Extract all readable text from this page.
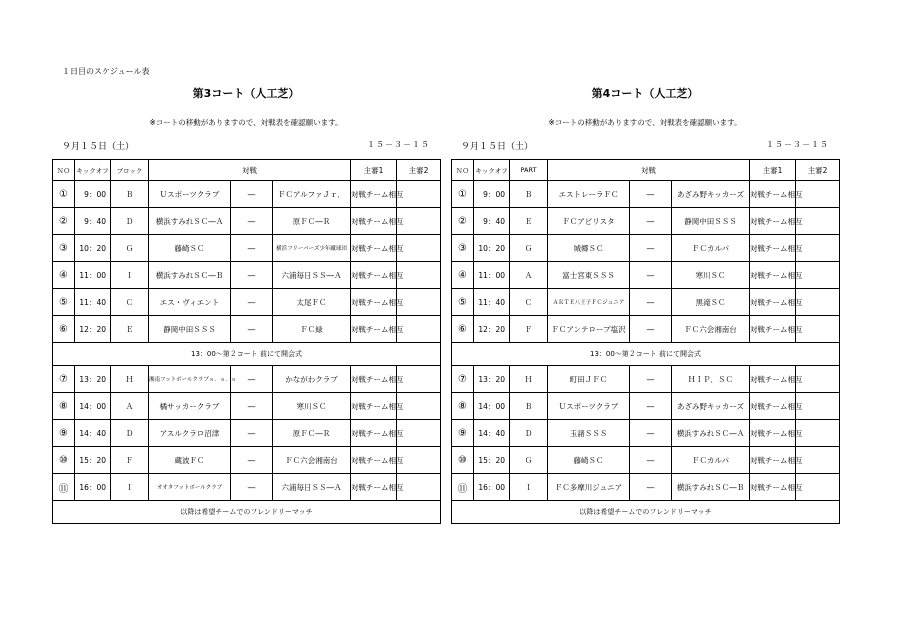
１日目のスケジュール表
第3コート（人工芝）
※コートの移動がありますので、対戦表を確認願います。
９月１５日（土）	１５－３－１５
ＮＯ	キックオフ	ブロック	対戦			主審1	主審2
①	9：00	Ｂ	Ｕスポーツクラブ	―	ＦＣアルファＪｒ．	対戦チーム相互	
②	9：40	Ｄ	横浜すみれＳＣ―Ａ	―	原ＦＣ―Ｒ	対戦チーム相互	
③	10：20	Ｇ	藤崎ＳＣ	―	横浜フリーバーズ少年蹴球団	対戦チーム相互	
④	11：00	Ｉ	横浜すみれＳＣ―Ｂ	―	六浦毎日ＳＳ―Ａ	対戦チーム相互	
⑤	11：40	Ｃ	エス・ヴィエント	―	太尾ＦＣ	対戦チーム相互	
⑥	12：20	Ｅ	静岡中田ＳＳＳ	―	ＦＣ緑	対戦チーム相互	
13：00～第２コート 前にて開会式							
⑦	13：20	Ｈ	湘南フットボールクラブｓ．ｓ．ｓ	―	かながわクラブ	対戦チーム相互	
⑧	14：00	Ａ	橘サッカークラブ	―	寒川ＳＣ	対戦チーム相互	
⑨	14：40	Ｄ	アスルクラロ沼津	―	原ＦＣ―Ｒ	対戦チーム相互	
⑩	15：20	Ｆ	蔵波ＦＣ	―	ＦＣ六会湘南台	対戦チーム相互	
⑪	16：00	Ｉ	オオタフットボールクラブ	―	六浦毎日ＳＳ―Ａ	対戦チーム相互	
以降は希望チームでのフレンドリーマッチ							
第4コート（人工芝）
※コートの移動がありますので、対戦表を確認願います。
９月１５日（土）	１５－３－１５
ＮＯ	キックオフ	PART	対戦			主審1	主審2
①	9：00	Ｂ	エストレーラＦＣ	―	あざみ野キッカーズ	対戦チーム相互	
②	9：40	Ｅ	ＦＣアビリスタ	―	静岡中田ＳＳＳ	対戦チーム相互	
③	10：20	Ｇ	城郷ＳＣ	―	ＦＣカルパ	対戦チーム相互	
④	11：00	Ａ	富士宮東ＳＳＳ	―	寒川ＳＣ	対戦チーム相互	
⑤	11：40	Ｃ	ＡＲＴＥ八王子ＦＣジュニア	―	黒滝ＳＣ	対戦チーム相互	
⑥	12：20	Ｆ	ＦＣアンテロープ塩沢	―	ＦＣ六会湘南台	対戦チーム相互	
13：00～第２コート 前にて開会式							
⑦	13：20	Ｈ	町田ＪＦＣ	―	ＨＩＰ．ＳＣ	対戦チーム相互	
⑧	14：00	Ｂ	Ｕスポーツクラブ	―	あざみ野キッカーズ	対戦チーム相互	
⑨	14：40	Ｄ	玉諸ＳＳＳ	―	横浜すみれＳＣ―Ａ	対戦チーム相互	
⑩	15：20	Ｇ	藤崎ＳＣ	―	ＦＣカルパ	対戦チーム相互	
⑪	16：00	Ｉ	ＦＣ多摩川ジュニア	―	横浜すみれＳＣ―Ｂ	対戦チーム相互	
以降は希望チームでのフレンドリーマッチ							
